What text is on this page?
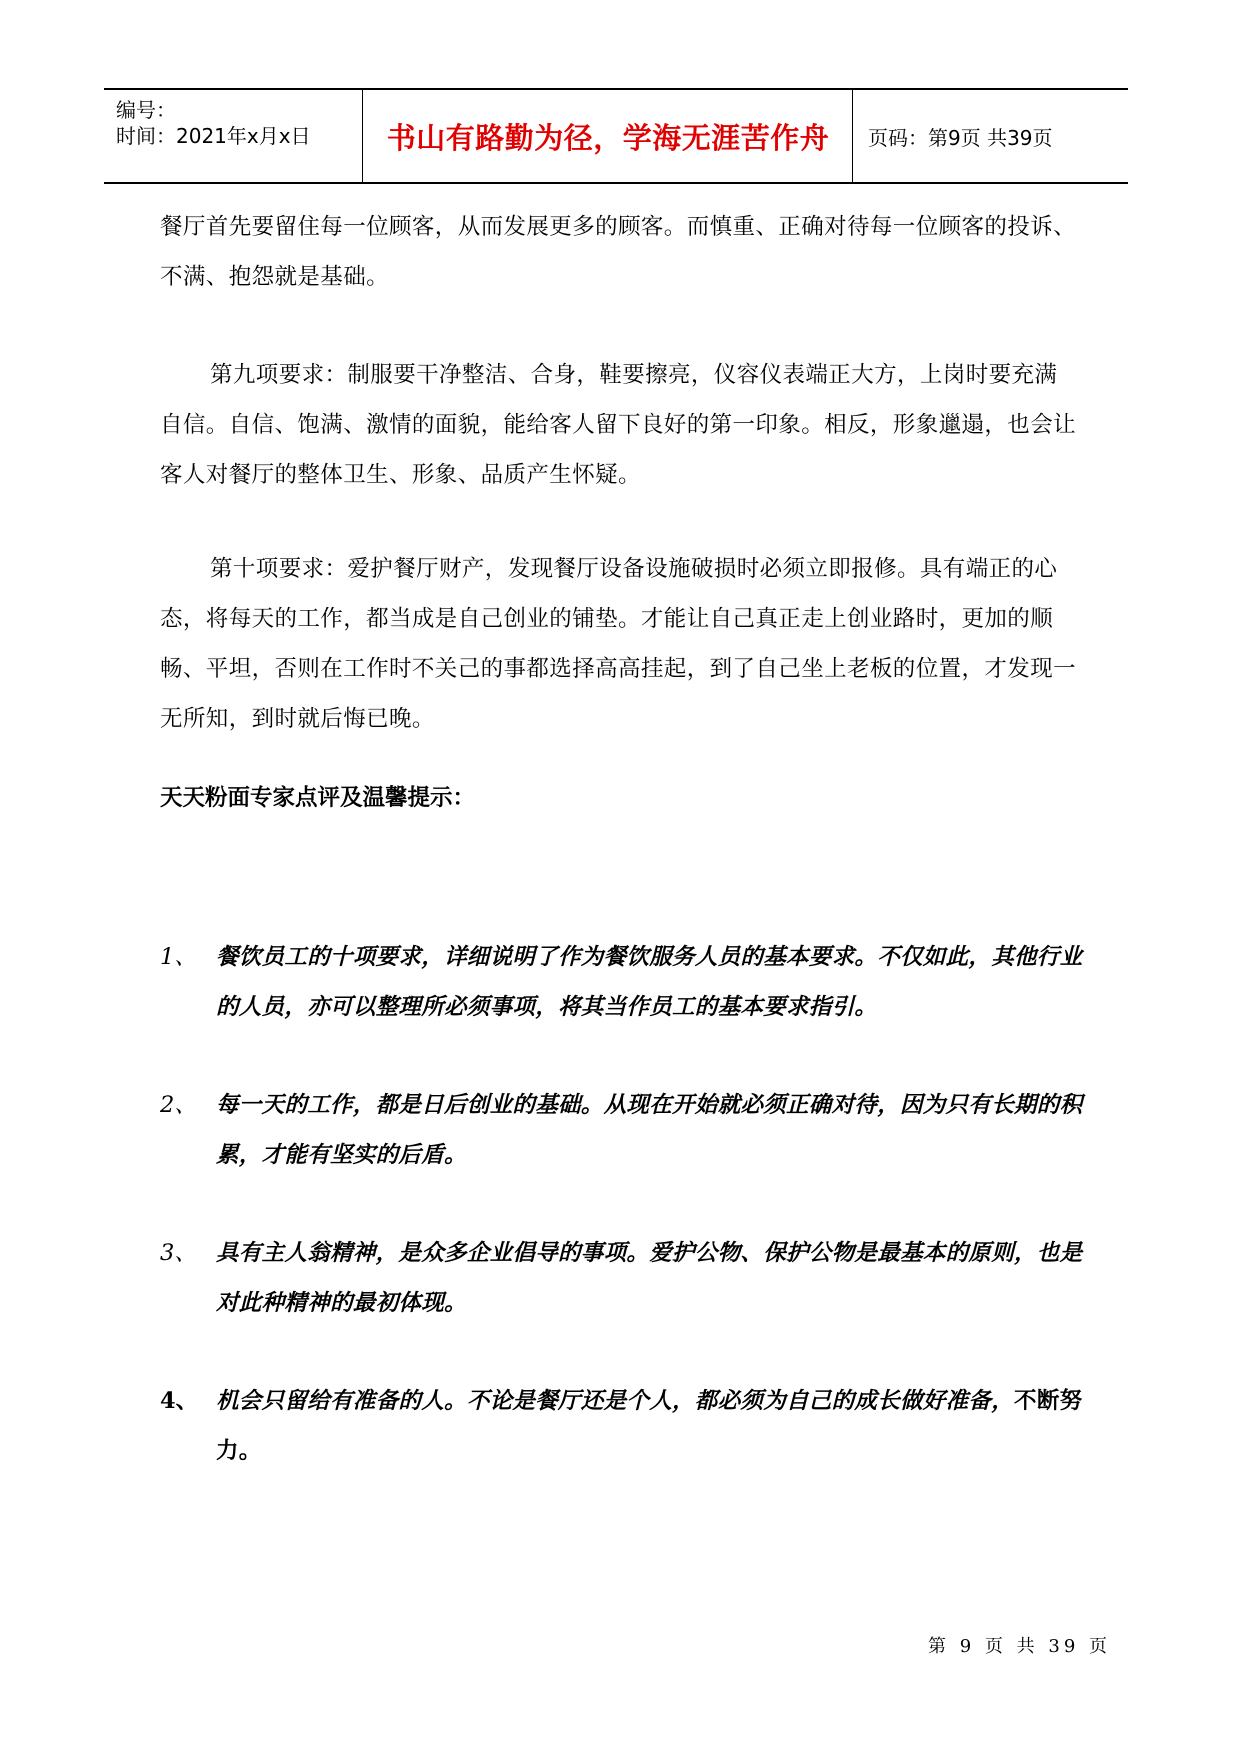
编号：
时间：2021年x月x日	书山有路勤为径，学海无涯苦作舟	页码：第9页 共39页

餐厅首先要留住每一位顾客，从而发展更多的顾客。而慎重、正确对待每一位顾客的投诉、不满、抱怨就是基础。

第九项要求：制服要干净整洁、合身，鞋要擦亮，仪容仪表端正大方，上岗时要充满自信。自信、饱满、激情的面貌，能给客人留下良好的第一印象。相反，形象邋遢，也会让客人对餐厅的整体卫生、形象、品质产生怀疑。

第十项要求：爱护餐厅财产，发现餐厅设备设施破损时必须立即报修。具有端正的心态，将每天的工作，都当成是自己创业的铺垫。才能让自己真正走上创业路时，更加的顺畅、平坦，否则在工作时不关己的事都选择高高挂起，到了自己坐上老板的位置，才发现一无所知，到时就后悔已晚。

天天粉面专家点评及温馨提示：

1、 餐饮员工的十项要求，详细说明了作为餐饮服务人员的基本要求。不仅如此，其他行业的人员，亦可以整理所必须事项，将其当作员工的基本要求指引。
2、 每一天的工作，都是日后创业的基础。从现在开始就必须正确对待，因为只有长期的积累，才能有坚实的后盾。
3、 具有主人翁精神，是众多企业倡导的事项。爱护公物、保护公物是最基本的原则，也是对此种精神的最初体现。
4、 机会只留给有准备的人。不论是餐厅还是个人，都必须为自己的成长做好准备，不断努力。
第 9 页 共 39 页
